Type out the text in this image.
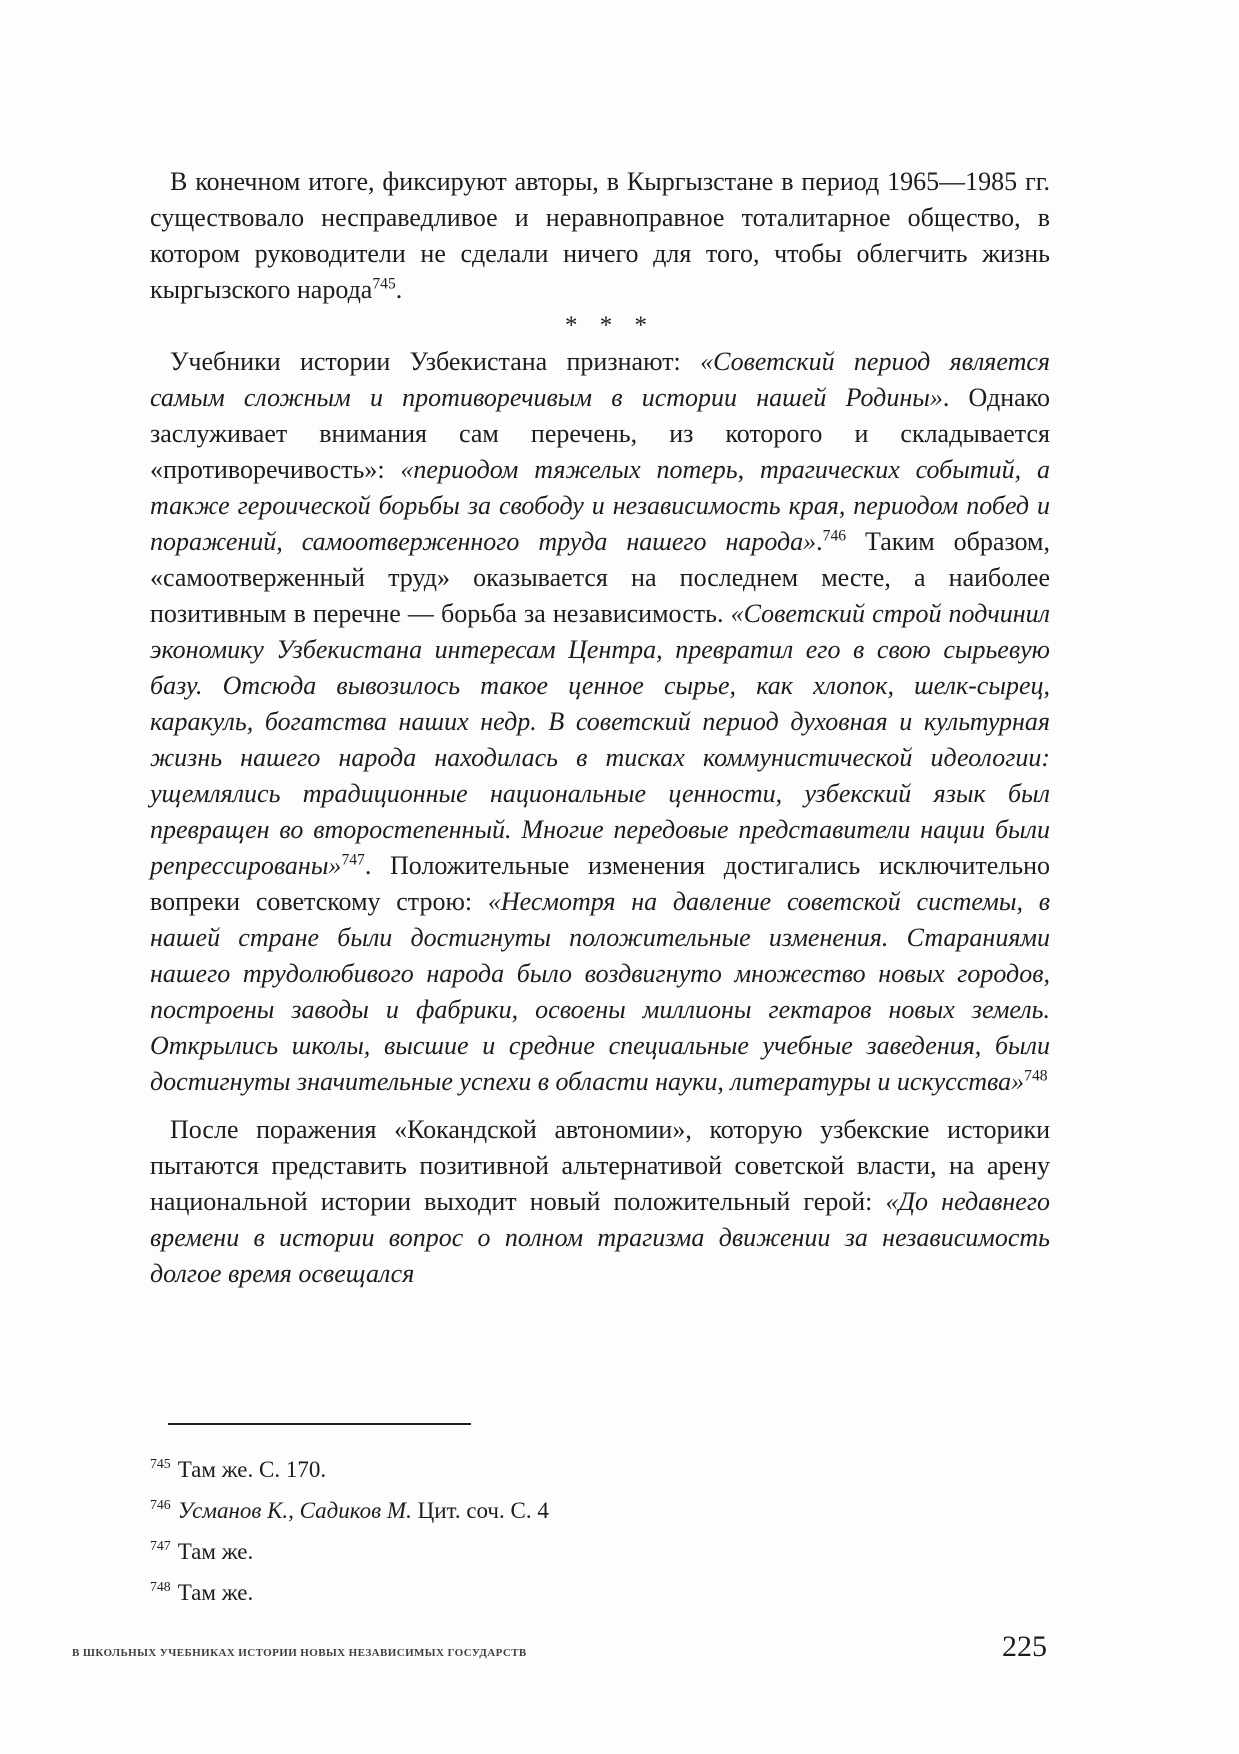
В конечном итоге, фиксируют авторы, в Кыргызстане в период 1965—1985 гг. существовало несправедливое и неравноправное тоталитарное общество, в котором руководители не сделали ничего для того, чтобы облегчить жизнь кыргызского народа$^{745}$.

* * *

Учебники истории Узбекистана признают: «Советский период является самым сложным и противоречивым в истории нашей Родины». Однако заслуживает внимания сам перечень, из которого и складывается «противоречивость»: «периодом тяжелых потерь, трагических событий, а также героической борьбы за свободу и независимость края, периодом побед и поражений, самоотверженного труда нашего народа».$^{746}$ Таким образом, «самоотверженный труд» оказывается на последнем месте, а наиболее позитивным в перечне — борьба за независимость. «Советский строй подчинил экономику Узбекистана интересам Центра, превратил его в свою сырьевую базу. Отсюда вывозилось такое ценное сырье, как хлопок, шелк-сырец, каракуль, богатства наших недр. В советский период духовная и культурная жизнь нашего народа находилась в тисках коммунистической идеологии: ущемлялись традиционные национальные ценности, узбекский язык был превращен во второстепенный. Многие передовые представители нации были репрессированы»$^{747}$. Положительные изменения достигались исключительно вопреки советскому строю: «Несмотря на давление советской системы, в нашей стране были достигнуты положительные изменения. Стараниями нашего трудолюбивого народа было воздвигнуто множество новых городов, построены заводы и фабрики, освоены миллионы гектаров новых земель. Открылись школы, высшие и средние специальные учебные заведения, были достигнуты значительные успехи в области науки, литературы и искусства»$^{748}$

После поражения «Кокандской автономии», которую узбекские историки пытаются представить позитивной альтернативой советской власти, на арену национальной истории выходит новый положительный герой: «До недавнего времени в истории вопрос о полном трагизма движении за независимость долгое время освещался

$^{745}$ Там же. С. 170.

$^{746}$ Усманов К., Садиков М. Цит. соч. С. 4

$^{747}$ Там же.

$^{748}$ Там же.

В ШКОЛЬНЫХ УЧЕБНИКАХ ИСТОРИИ НОВЫХ НЕЗАВИСИМЫХ ГОСУДАРСТВ	225
